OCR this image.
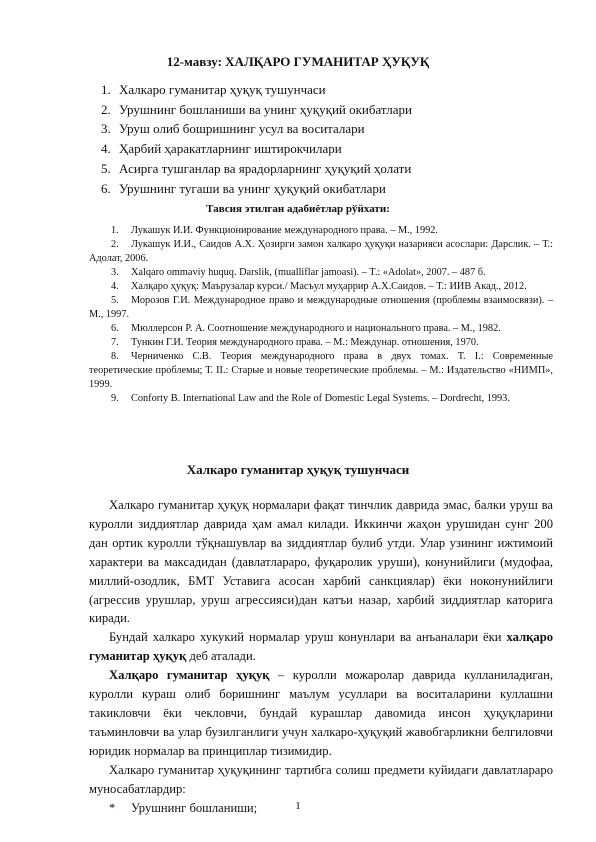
12-мавзу: ХАЛҚАРО ГУМАНИТАР ҲУҚУҚ
1. Халкаро гуманитар ҳуқуқ тушунчаси
2. Урушнинг бошланиши ва унинг ҳуқуқий окибатлари
3. Уруш олиб бошришнинг усул ва воситалари
4. Ҳарбий ҳаракатларнинг иштирокчилари
5. Асирга тушганлар ва ярадорларнинг ҳуқуқий ҳолати
6. Урушнинг тугаши ва унинг ҳуқуқий окибатлари
Тавсия этилган адабиётлар рўйхати:
1. Лукашук И.И. Функционирование международного права. – М., 1992.
2. Лукашук И.И., Саидов А.Х. Ҳозирги замон халкаро ҳуқуқи назарияси асослари: Дарслик. – Т.: Адолат, 2006.
3. Xalqaro ommaviy huquq. Darslik, (mualliflar jamoasi). – T.: «Adolat», 2007. – 487 б.
4. Халқаро ҳуқуқ: Маърузалар курси./ Масъул муҳаррир А.Х.Саидов. – Т.: ИИВ Акад., 2012.
5. Морозов Г.И. Международное право и международные отношения (проблемы взаимосвязи). – М., 1997.
6. Мюллерсон Р. А. Соотношение международного и национального права. – М., 1982.
7. Тункин Г.И. Теория международного права. – М.: Междунар. отношения, 1970.
8. Черниченко С.В. Теория международного права в двух томах. Т. I.: Современные теоретические проблемы; Т. II.: Старые и новые теоретические проблемы. – М.: Издательство «НИМП», 1999.
9. Conforty B. International Law and the Role of Domestic Legal Systems. – Dordrecht, 1993.
Халкаро гуманитар ҳуқуқ тушунчаси

Халкаро гуманитар ҳуқуқ нормалари фақат тинчлик даврида эмас, балки уруш ва куролли зиддиятлар даврида ҳам амал килади. Иккинчи жаҳон урушидан сунг 200 дан ортик куролли тўқнашувлар ва зиддиятлар булиб утди. Улар узининг ижтимоий характери ва максадидан (давлатлараро, фуқаролик уруши), конунийлиги (мудофаа, миллий-озодлик, БМТ Уставига асосан харбий санкциялар) ёки ноконунийлиги (агрессив урушлар, уруш агрессияси)дан катъи назар, харбий зиддиятлар каторига киради.

Бундай халкаро хукукий нормалар уруш конунлари ва анъаналари ёки халқаро гуманитар ҳуқуқ деб аталади.

Халқаро гуманитар ҳуқуқ – куролли можаролар даврида кулланиладиган, куролли кураш олиб боришнинг маълум усуллари ва воситаларини куллашни такикловчи ёки чекловчи, бундай курашлар давомида инсон ҳуқуқларини таъминловчи ва улар бузилганлиги учун халкаро-ҳуқуқий жавобгарликни белгиловчи юридик нормалар ва принциплар тизимидир.

Халкаро гуманитар ҳуқуқининг тартибга солиш предмети куйидаги давлатлараро муносабатлардир:

* Урушнинг бошланиши;	1
